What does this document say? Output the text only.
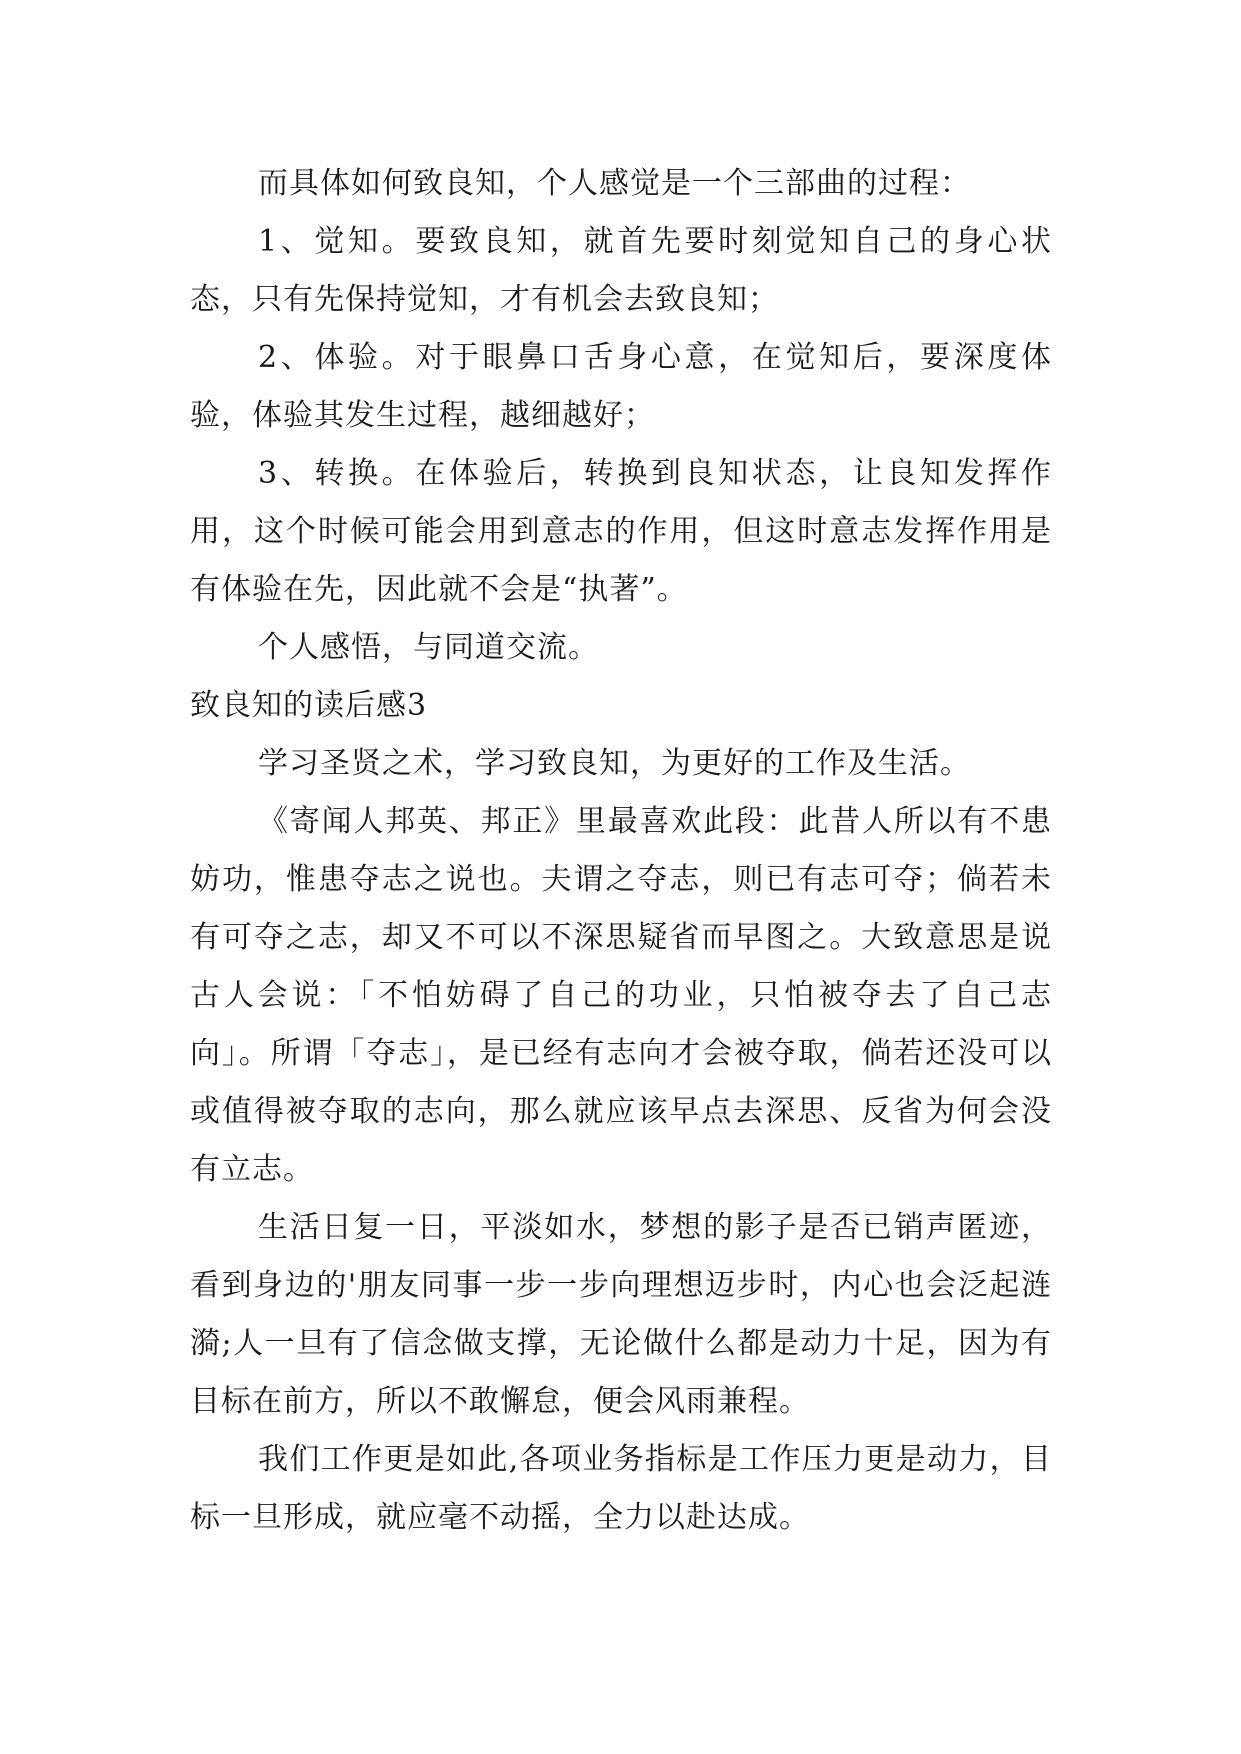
而具体如何致良知，个人感觉是一个三部曲的过程：

1、觉知。要致良知，就首先要时刻觉知自己的身心状态，只有先保持觉知，才有机会去致良知；

2、体验。对于眼鼻口舌身心意，在觉知后，要深度体验，体验其发生过程，越细越好；

3、转换。在体验后，转换到良知状态，让良知发挥作用，这个时候可能会用到意志的作用，但这时意志发挥作用是有体验在先，因此就不会是“执著”。

个人感悟，与同道交流。

致良知的读后感3

学习圣贤之术，学习致良知，为更好的工作及生活。

《寄闻人邦英、邦正》里最喜欢此段：此昔人所以有不患妨功，惟患夺志之说也。夫谓之夺志，则已有志可夺；倘若未有可夺之志，却又不可以不深思疑省而早图之。大致意思是说古人会说：「不怕妨碍了自己的功业，只怕被夺去了自己志向」。所谓「夺志」，是已经有志向才会被夺取，倘若还没可以或值得被夺取的志向，那么就应该早点去深思、反省为何会没有立志。

生活日复一日，平淡如水，梦想的影子是否已销声匿迹，看到身边的'朋友同事一步一步向理想迈步时，内心也会泛起涟漪;人一旦有了信念做支撑，无论做什么都是动力十足，因为有目标在前方，所以不敢懈怠，便会风雨兼程。

我们工作更是如此,各项业务指标是工作压力更是动力，目标一旦形成，就应毫不动摇，全力以赴达成。
